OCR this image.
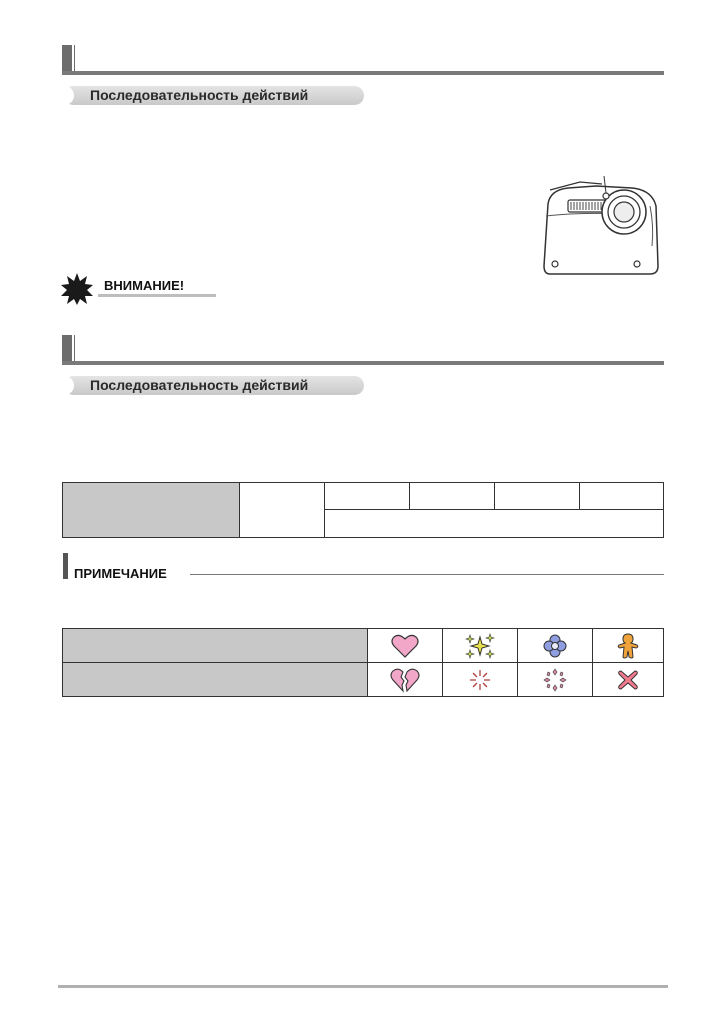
Последовательность действий
ВНИМАНИЕ!
Последовательность действий

ПРИМЕЧАНИЕ
